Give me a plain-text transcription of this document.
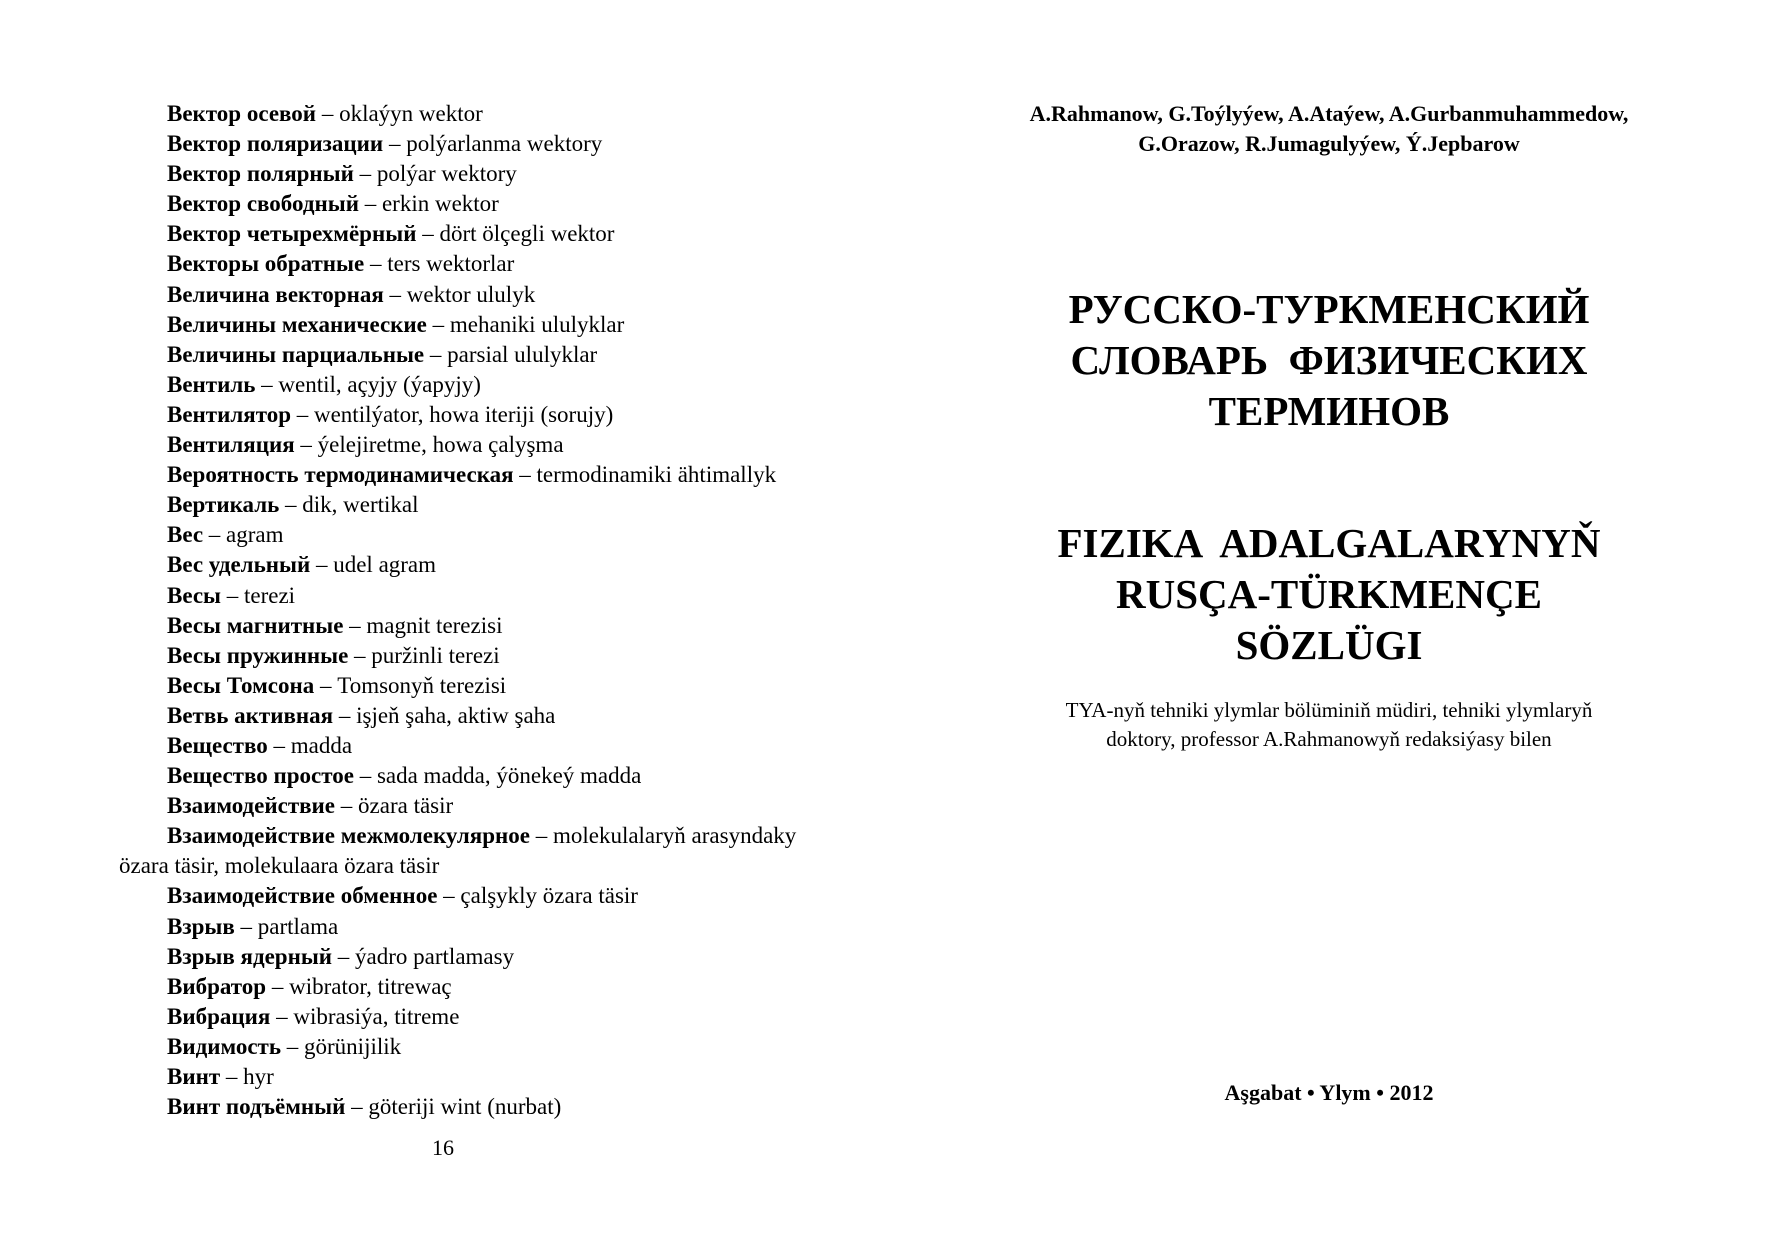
Вектор осевой – oklaýyn wektor
Вектор поляризации – polýarlanma wektory
Вектор полярный – polýar wektory
Вектор свободный – erkin wektor
Вектор четырехмёрный – dört ölçegli wektor
Векторы обратные – ters wektorlar
Величина векторная – wektor ululyk
Величины механические – mehaniki ululyklar
Величины парциальные – parsial ululyklar
Вентиль – wentil, açyjy (ýapyjy)
Вентилятор – wentilýator, howa iteriji (sorujy)
Вентиляция – ýelejiretme, howa çalyşma
Вероятность термодинамическая – termodinamiki ähtimallyk
Вертикаль – dik, wertikal
Вес – agram
Вес удельный – udel agram
Весы – terezi
Весы магнитные – magnit terezisi
Весы пружинные – puržinli terezi
Весы Томсона – Tomsonyň terezisi
Ветвь активная – işjeň şaha, aktiw şaha
Вещество – madda
Вещество простое – sada madda, ýönekeý madda
Взаимодействие – özara täsir
Взаимодействие межмолекулярное – molekulalaryň arasyndaky özara täsir, molekulaara özara täsir
Взаимодействие обменное – çalşykly özara täsir
Взрыв – partlama
Взрыв ядерный – ýadro partlamasy
Вибратор – wibrator, titrewaç
Вибрация – wibrasiýa, titreme
Видимость – görünijilik
Винт – hyr
Винт подъёмный – göteriji wint (nurbat)
16
A.Rahmanow, G.Toýlyýew, A.Ataýew, A.Gurbanmuhammedow,
G.Orazow, R.Jumagulyýew, Ý.Jepbarow
РУССКО-ТУРКМЕНСКИЙ
СЛОВАРЬ  ФИЗИЧЕСКИХ
ТЕРМИНОВ
FIZIKA  ADALGALARYNYŇ
RUSÇA-TÜRKMENÇE
SÖZLÜGI
TYA-nyň tehniki ylymlar bölüminiň müdiri, tehniki ylymlaryň
doktory, professor A.Rahmanowyň redaksiýasy bilen
Aşgabat • Ylym • 2012
